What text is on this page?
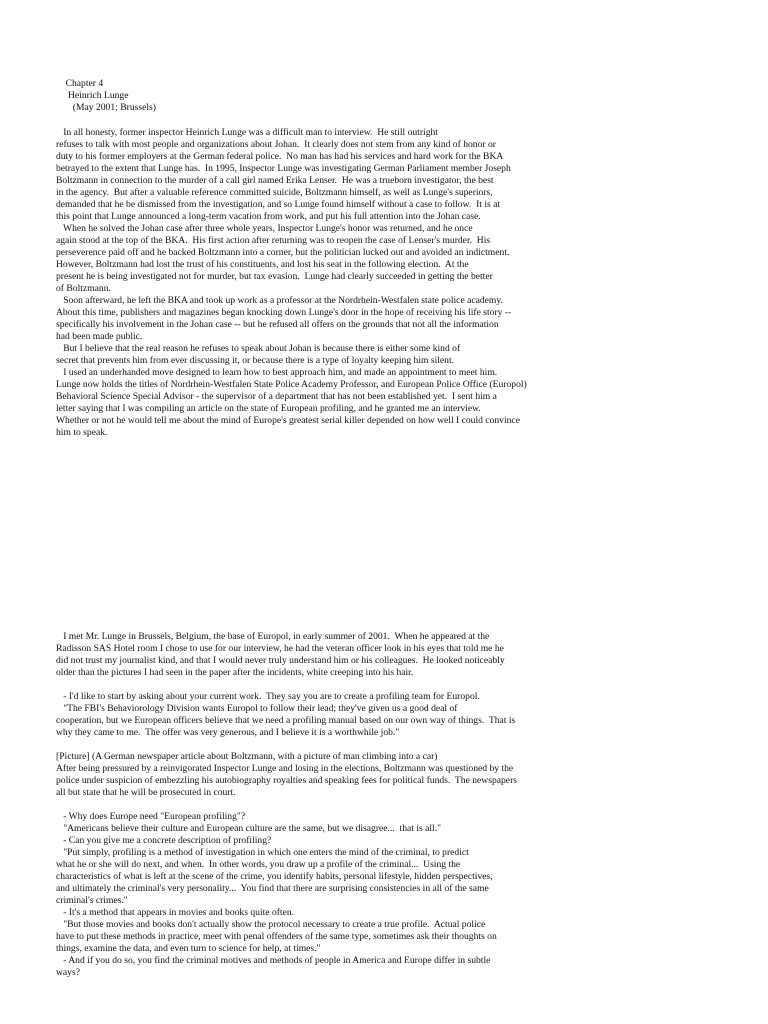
Chapter 4
Heinrich Lunge
(May 2001; Brussels)
In all honesty, former inspector Heinrich Lunge was a difficult man to interview.  He still outright
refuses to talk with most people and organizations about Johan.  It clearly does not stem from any kind of honor or
duty to his former employers at the German federal police.  No man has had his services and hard work for the BKA
betrayed to the extent that Lunge has.  In 1995, Inspector Lunge was investigating German Parliament member Joseph
Boltzmann in connection to the murder of a call girl named Erika Lenser.  He was a trueborn investigator, the best
in the agency.  But after a valuable reference committed suicide, Boltzmann himself, as well as Lunge's superiors,
demanded that he be dismissed from the investigation, and so Lunge found himself without a case to follow.  It is at
this point that Lunge announced a long-term vacation from work, and put his full attention into the Johan case.
When he solved the Johan case after three whole years, Inspector Lunge's honor was returned, and he once
again stood at the top of the BKA.  His first action after returning was to reopen the case of Lenser's murder.  His
perseverence paid off and he backed Boltzmann into a corner, but the politician lucked out and avoided an indictment.
However, Boltzmann had lost the trust of his constituents, and lost his seat in the following election.  At the
present he is being investigated not for murder, but tax evasion.  Lunge had clearly succeeded in getting the better
of Boltzmann.
Soon afterward, he left the BKA and took up work as a professor at the Nordrhein-Westfalen state police academy.
About this time, publishers and magazines began knocking down Lunge's door in the hope of receiving his life story --
specifically his involvement in the Johan case -- but he refused all offers on the grounds that not all the information
had been made public.
But I believe that the real reason he refuses to speak about Johan is because there is either some kind of
secret that prevents him from ever discussing it, or because there is a type of loyalty keeping him silent.
I used an underhanded move designed to learn how to best approach him, and made an appointment to meet him.
Lunge now holds the titles of Nordrhein-Westfalen State Police Academy Professor, and European Police Office (Europol)
Behavioral Science Special Advisor - the supervisor of a department that has not been established yet.  I sent him a
letter saying that I was compiling an article on the state of European profiling, and he granted me an interview.
Whether or not he would tell me about the mind of Europe's greatest serial killer depended on how well I could convince
him to speak.
I met Mr. Lunge in Brussels, Belgium, the base of Europol, in early summer of 2001.  When he appeared at the
Radisson SAS Hotel room I chose to use for our interview, he had the veteran officer look in his eyes that told me he
did not trust my journalist kind, and that I would never truly understand him or his colleagues.  He looked noticeably
older than the pictures I had seen in the paper after the incidents, white creeping into his hair.
- I'd like to start by asking about your current work.  They say you are to create a profiling team for Europol.
"The FBI's Behaviorology Division wants Europol to follow their lead; they've given us a good deal of
cooperation, but we European officers believe that we need a profiling manual based on our own way of things.  That is
why they came to me.  The offer was very generous, and I believe it is a worthwhile job."
[Picture] (A German newspaper article about Boltzmann, with a picture of man climbing into a car)
After being pressured by a reinvigorated Inspector Lunge and losing in the elections, Boltzmann was questioned by the
police under suspicion of embezzling his autobiography royalties and speaking fees for political funds.  The newspapers
all but state that he will be prosecuted in court.
- Why does Europe need "European profiling"?
"Americans believe their culture and European culture are the same, but we disagree...  that is all."
- Can you give me a concrete description of profiling?
"Put simply, profiling is a method of investigation in which one enters the mind of the criminal, to predict
what he or she will do next, and when.  In other words, you draw up a profile of the criminal...  Using the
characteristics of what is left at the scene of the crime, you identify habits, personal lifestyle, hidden perspectives,
and ultimately the criminal's very personality...  You find that there are surprising consistencies in all of the same
criminal's crimes."
- It's a method that appears in movies and books quite often.
"But those movies and books don't actually show the protocol necessary to create a true profile.  Actual police
have to put these methods in practice, meet with penal offenders of the same type, sometimes ask their thoughts on
things, examine the data, and even turn to science for help, at times."
- And if you do so, you find the criminal motives and methods of people in America and Europe differ in subtle
ways?
